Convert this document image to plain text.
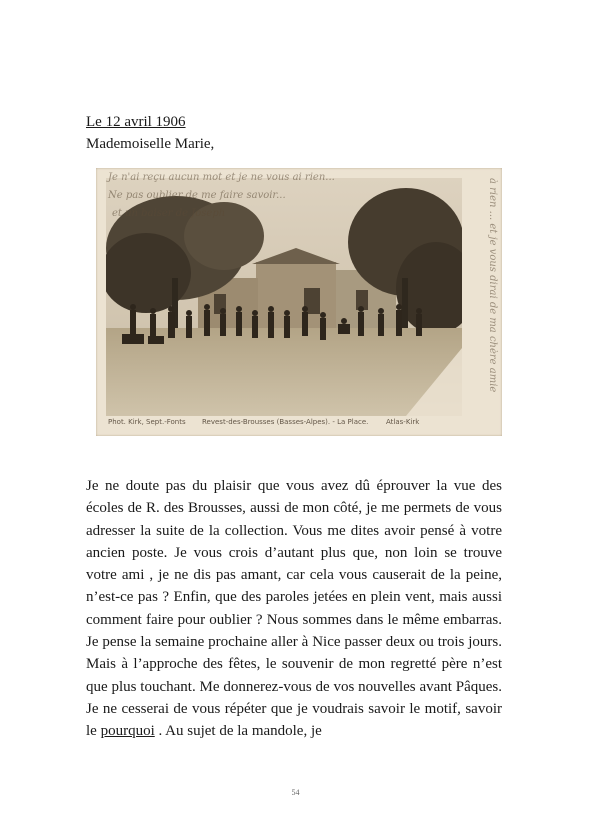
Le 12 avril 1906
Mademoiselle Marie,
Je n'ai reçu aucun mot et je ne vous ai rien...
Ne pas oublier de me faire savoir...
et un baiser de Joseph	à rien ... et je vous dirai de ma chère amie
Phot. Kirk, Sept.-Fonts Revest-des-Brousses (Basses-Alpes). - La Place.	Atlas-Kirk
Je ne doute pas du plaisir que vous avez dû éprouver la vue des écoles de R. des Brousses, aussi de mon côté, je me permets de vous adresser la suite de la collection. Vous me dites avoir pensé à votre ancien poste. Je vous crois d’autant plus que, non loin se trouve votre ami , je ne dis pas amant, car cela vous causerait de la peine, n’est-ce pas ? Enfin, que des paroles jetées en plein vent, mais aussi comment faire pour oublier ? Nous sommes dans le même embarras. Je pense la semaine prochaine aller à Nice passer deux ou trois jours. Mais à l’approche des fêtes, le souvenir de mon regretté père n’est que plus touchant. Me donnerez-vous de vos nouvelles avant Pâques. Je ne cesserai de vous répéter que je voudrais savoir le motif, savoir le pourquoi . Au sujet de la mandole, je
54
